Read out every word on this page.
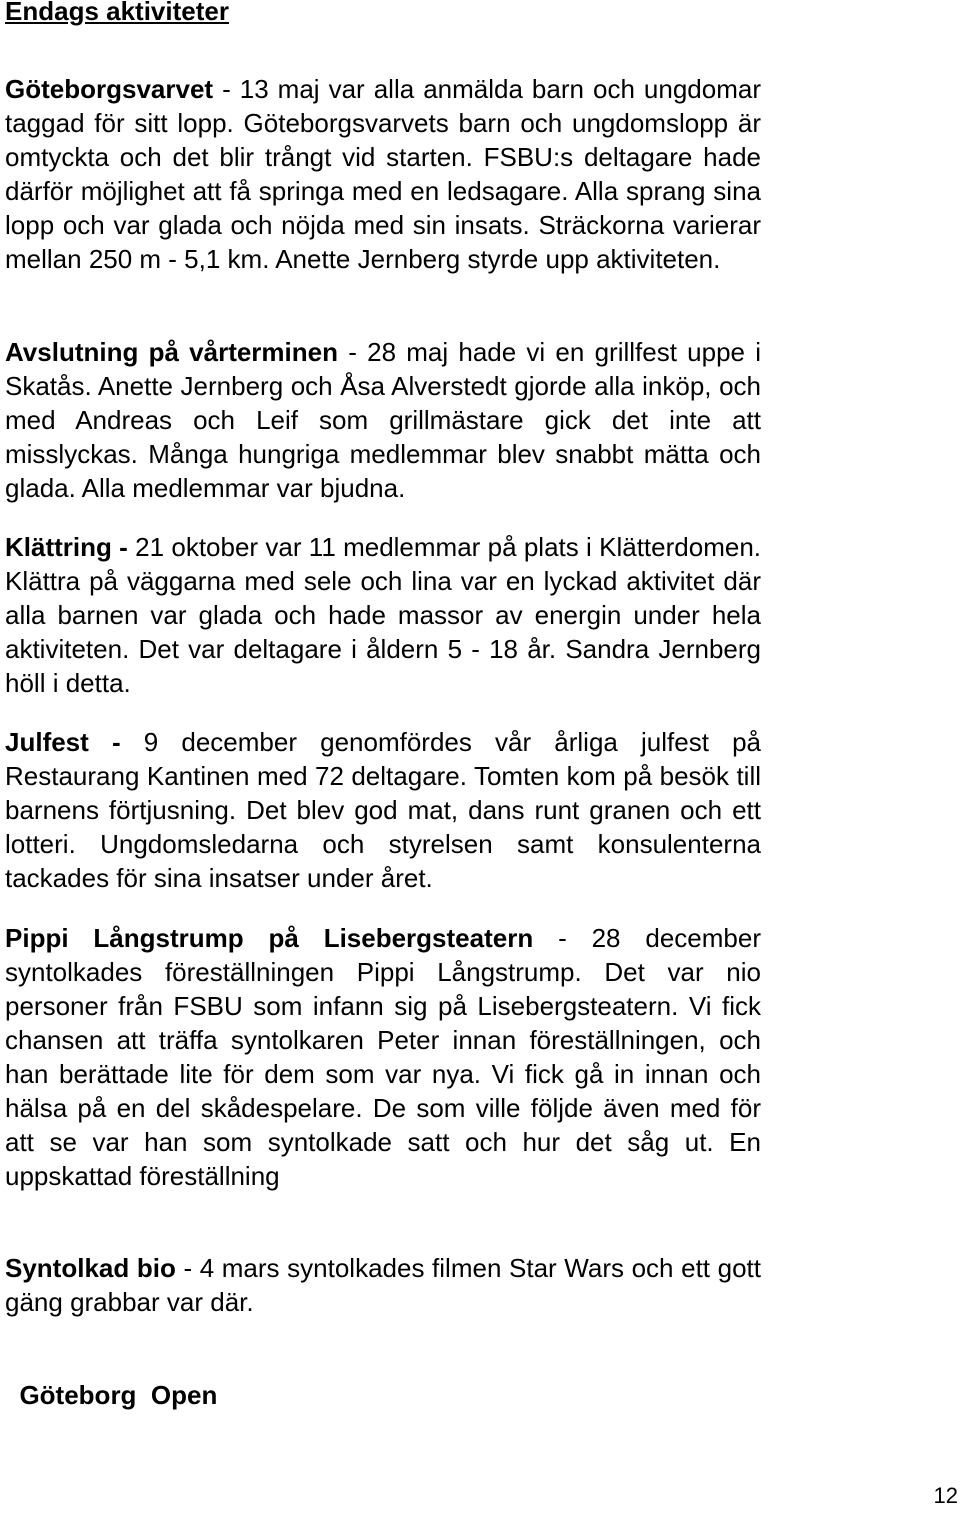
Endags aktiviteter
Göteborgsvarvet - 13 maj var alla anmälda barn och ungdomar taggad för sitt lopp. Göteborgsvarvets barn och ungdomslopp är omtyckta och det blir trångt vid starten. FSBU:s deltagare hade därför möjlighet att få springa med en ledsagare. Alla sprang sina lopp och var glada och nöjda med sin insats. Sträckorna varierar mellan 250 m - 5,1 km. Anette Jernberg styrde upp aktiviteten.
Avslutning på vårterminen - 28 maj hade vi en grillfest uppe i Skatås. Anette Jernberg och Åsa Alverstedt gjorde alla inköp, och med Andreas och Leif som grillmästare gick det inte att misslyckas. Många hungriga medlemmar blev snabbt mätta och glada. Alla medlemmar var bjudna.
Klättring - 21 oktober var 11 medlemmar på plats i Klätterdomen. Klättra på väggarna med sele och lina var en lyckad aktivitet där alla barnen var glada och hade massor av energin under hela aktiviteten. Det var deltagare i åldern 5 - 18 år. Sandra Jernberg höll i detta.
Julfest - 9 december genomfördes vår årliga julfest på Restaurang Kantinen med 72 deltagare. Tomten kom på besök till barnens förtjusning. Det blev god mat, dans runt granen och ett lotteri. Ungdomsledarna och styrelsen samt konsulenterna tackades för sina insatser under året.
Pippi Långstrump på Lisebergsteatern - 28 december syntolkades föreställningen Pippi Långstrump. Det var nio personer från FSBU som infann sig på Lisebergsteatern. Vi fick chansen att träffa syntolkaren Peter innan föreställningen, och han berättade lite för dem som var nya. Vi fick gå in innan och hälsa på en del skådespelare. De som ville följde även med för att se var han som syntolkade satt och hur det såg ut. En uppskattad föreställning
Syntolkad bio - 4 mars syntolkades filmen Star Wars och ett gott gäng grabbar var där.

Göteborg  Open

12
